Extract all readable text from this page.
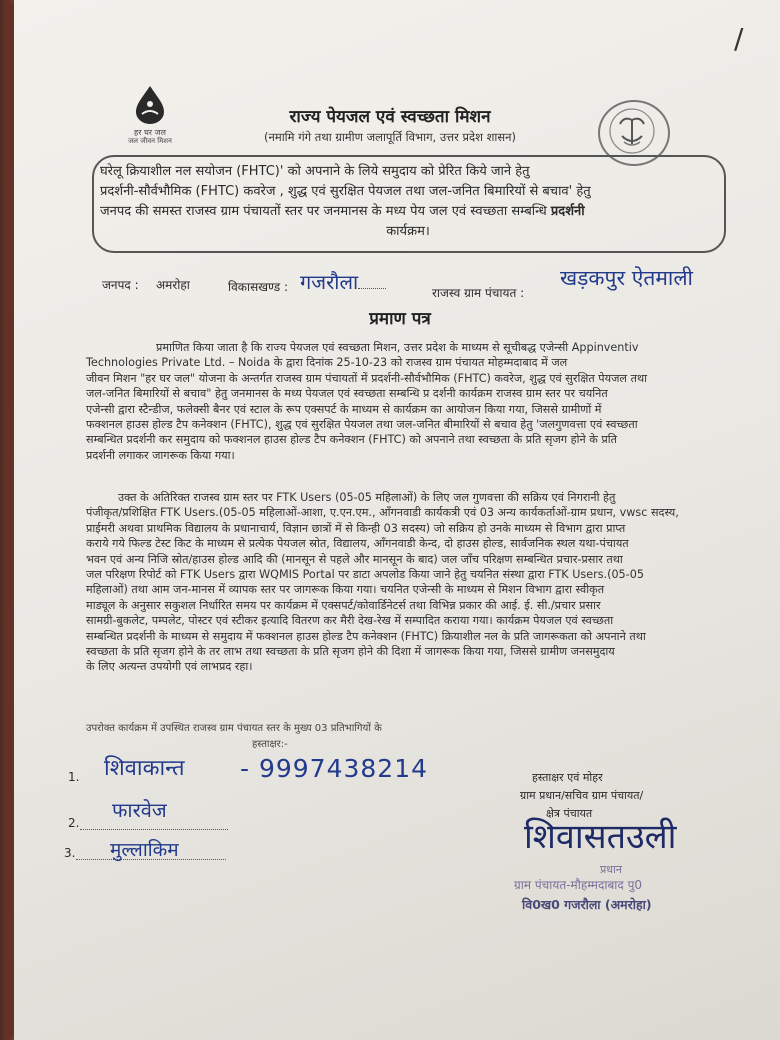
/
हर घर जल
जल जीवन मिशन
राज्य पेयजल एवं स्वच्छता मिशन
(नमामि गंगे तथा ग्रामीण जलापूर्ति विभाग, उत्तर प्रदेश शासन)
घरेलू क्रियाशील नल सयोजन (FHTC)' को अपनाने के लिये समुदाय को प्रेरित किये जाने हेतु
प्रदर्शनी-सौर्वभौमिक (FHTC) कवरेज , शुद्ध एवं सुरक्षित पेयजल तथा जल-जनित बिमारियों से बचाव' हेतु
जनपद की समस्त राजस्व ग्राम पंचायतों स्तर पर जनमानस के मध्य पेय जल एवं स्वच्छता सम्बन्धि प्रदर्शनी
कार्यक्रम।
जनपद : अमरोहा	विकासखण्ड : गजरौला	राजस्व ग्राम पंचायत :
खड़कपुर ऐतमाली
प्रमाण पत्र
प्रमाणित किया जाता है कि राज्य पेयजल एवं स्वच्छता मिशन, उत्तर प्रदेश के माध्यम से सूचीबद्ध एजेन्सी Appinventiv
Technologies Private Ltd. – Noida के द्वारा दिनांक 25-10-23 को राजस्व ग्राम पंचायत मोहम्मदाबाद में जल
जीवन मिशन "हर घर जल" योजना के अन्तर्गत राजस्व ग्राम पंचायतों में प्रदर्शनी-सौर्वभौमिक (FHTC) कवरेज, शुद्ध एवं सुरक्षित पेयजल तथा
जल-जनित बिमारियों से बचाव" हेतु जनमानस के मध्य पेयजल एवं स्वच्छता सम्बन्धि प्र दर्शनी कार्यक्रम राजस्व ग्राम स्तर पर चयनित
एजेन्सी द्वारा स्टैन्डीज, फलेक्सी बैनर एवं स्टाल के रूप एक्सपर्ट के माध्यम से कार्यक्रम का आयोजन किया गया, जिससे ग्रामीणों में
फक्शनल हाउस होल्ड टैप कनेक्शन (FHTC), शुद्ध एवं सुरक्षित पेयजल तथा जल-जनित बीमारियों से बचाव हेतु 'जलगुणवत्ता एवं स्वच्छता
सम्बन्धित प्रदर्शनी कर समुदाय को फक्शनल हाउस होल्ड टैप कनेक्शन (FHTC) को अपनाने तथा स्वच्छता के प्रति सृजग होने के प्रति
प्रदर्शनी लगाकर जागरूक किया गया।
उक्त के अतिरिक्त राजस्व ग्राम स्तर पर FTK Users (05-05 महिलाओं) के लिए जल गुणवत्ता की सक्रिय एवं निगरानी हेतु
पंजीकृत/प्रशिक्षित FTK Users.(05-05 महिलाओं-आशा, ए.एन.एम., आँगनवाडी कार्यकत्री एवं 03 अन्य कार्यकर्ताओं-ग्राम प्रधान, vwsc सदस्य,
प्राईमरी अथवा प्राथमिक विद्यालय के प्रधानाचार्य, विज्ञान छात्रों में से किन्ही 03 सदस्य) जो सक्रिय हो उनके माध्यम से विभाग द्वारा प्राप्त
कराये गये फिल्ड टेस्ट किट के माध्यम से प्रत्येक पेयजल स्रोत, विद्यालय, आँगनवाडी केन्द, दो हाउस होल्ड, सार्वजनिक स्थल यथा-पंचायत
भवन एवं अन्य निजि स्रोत/हाउस होल्ड आदि की (मानसून से पहले और मानसून के बाद) जल जाँच परिक्षण सम्बन्धित प्रचार-प्रसार तथा
जल परिक्षण रिपोर्ट को FTK Users द्वारा WQMIS Portal पर डाटा अपलोड किया जाने हेतु चयनित संस्था द्वारा FTK Users.(05-05
महिलाओं) तथा आम जन-मानस में व्यापक स्तर पर जागरूक किया गया। चयनित एजेन्सी के माध्यम से मिशन विभाग द्वारा स्वीकृत
माड्यूल के अनुसार सकुशल निर्धारित समय पर कार्यक्रम में एक्सपर्ट/कोवार्डिनेटर्स तथा विभिन्न प्रकार की आई. ई. सी./प्रचार प्रसार
सामग्री-बुकलेट, पम्पलेट, पोस्टर एवं स्टीकर इत्यादि वितरण कर मैरी देख-रेख में सम्पादित कराया गया। कार्यक्रम पेयजल एवं स्वच्छता
सम्बन्धित प्रदर्शनी के माध्यम से समुदाय में फक्शनल हाउस होल्ड टैप कनेक्शन (FHTC) क्रियाशील नल के प्रति जागरूकता को अपनाने तथा
स्वच्छता के प्रति सृजग होने के तर लाभ तथा स्वच्छता के प्रति सृजग होने की दिशा में जागरूक किया गया, जिससे ग्रामीण जनसमुदाय
के लिए अत्यन्त उपयोगी एवं लाभप्रद रहा।
उपरोक्त कार्यक्रम में उपस्थित राजस्व ग्राम पंचायत स्तर के मुख्य 03 प्रतिभागियों के
हस्ताक्षर:-
1. शिवाकान्त - 9997438214
2.
फारवेज
3. मुल्लाकिम
हस्ताक्षर एवं मोहर
ग्राम प्रधान/सचिव ग्राम पंचायत/
क्षेत्र पंचायत
शिवासतउली
प्रधान
ग्राम पंचायत-मौहम्मदाबाद पु0
वि0ख0 गजरौला (अमरोहा)
